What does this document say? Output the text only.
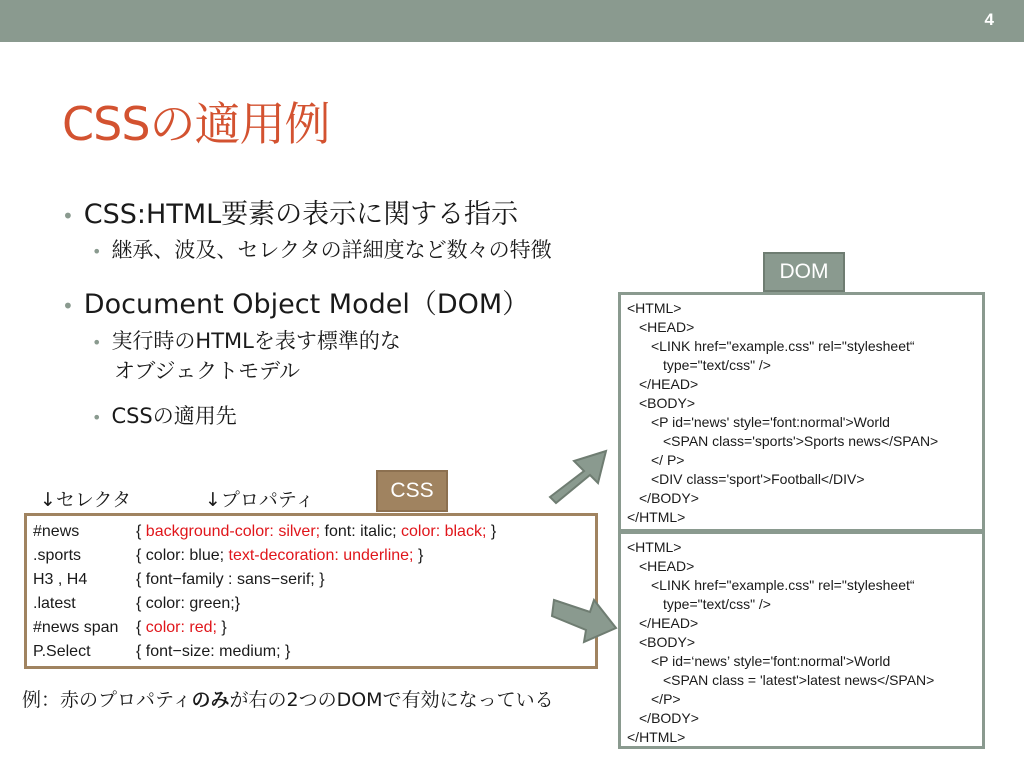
4
CSSの適用例
• CSS:HTML要素の表示に関する指示
• 継承、波及、セレクタの詳細度など数々の特徴
• Document Object Model（DOM）
• 実行時のHTMLを表す標準的な
オブジェクトモデル
• CSSの適用先
DOM
CSS
↓セレクタ	↓プロパティ
#news	{ background-color: silver; font: italic; color: black; }
.sports	{ color: blue; text-decoration: underline; }
H3 , H4	{ font−family : sans−serif; }
.latest	{ color: green;}
#news span { color: red; }
P.Select	{ font−size: medium; }
<HTML>
<HEAD>
<LINK href="example.css" rel="stylesheet“
type="text/css" />
</HEAD>
<BODY>
<P id='news' style='font:normal'>World
<SPAN class='sports'>Sports news</SPAN>
</ P>
<DIV class='sport'>Football</DIV>
</BODY>
</HTML>
<HTML>
<HEAD>
<LINK href="example.css" rel="stylesheet“
type="text/css" />
</HEAD>
<BODY>
<P id=‘news’ style='font:normal'>World
<SPAN class = 'latest'>latest news</SPAN>
</P>
</BODY>
</HTML>
例：赤のプロパティのみが右の2つのDOMで有効になっている
